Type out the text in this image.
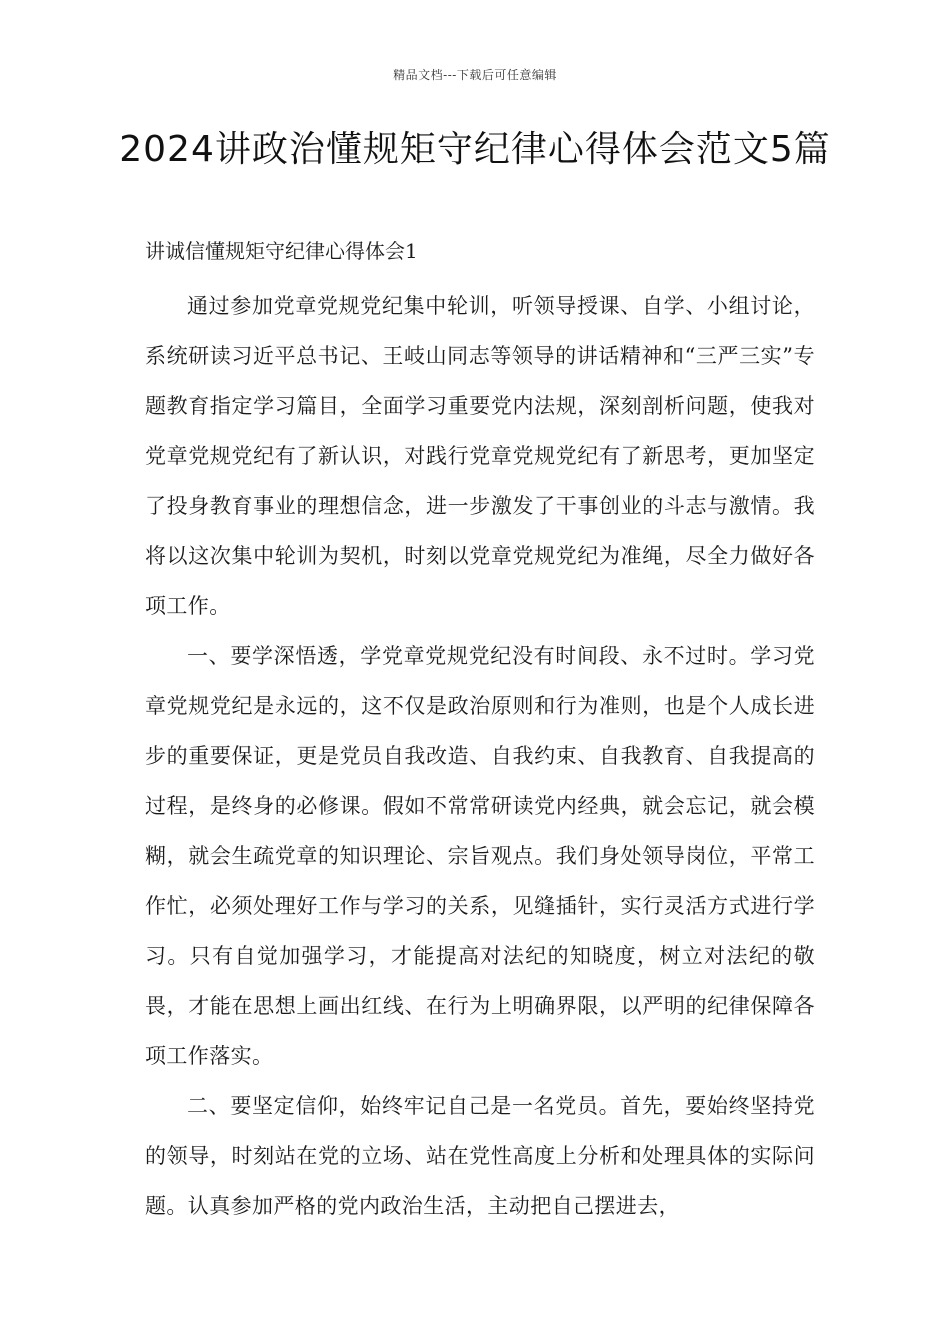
精品文档---下载后可任意编辑
2024讲政治懂规矩守纪律心得体会范文5篇

讲诚信懂规矩守纪律心得体会1

通过参加党章党规党纪集中轮训，听领导授课、自学、小组讨论，系统研读习近平总书记、王岐山同志等领导的讲话精神和“三严三实”专题教育指定学习篇目，全面学习重要党内法规，深刻剖析问题，使我对党章党规党纪有了新认识，对践行党章党规党纪有了新思考，更加坚定了投身教育事业的理想信念，进一步激发了干事创业的斗志与激情。我将以这次集中轮训为契机，时刻以党章党规党纪为准绳，尽全力做好各项工作。

一、要学深悟透，学党章党规党纪没有时间段、永不过时。学习党章党规党纪是永远的，这不仅是政治原则和行为准则，也是个人成长进步的重要保证，更是党员自我改造、自我约束、自我教育、自我提高的过程，是终身的必修课。假如不常常研读党内经典，就会忘记，就会模糊，就会生疏党章的知识理论、宗旨观点。我们身处领导岗位，平常工作忙，必须处理好工作与学习的关系，见缝插针，实行灵活方式进行学习。只有自觉加强学习，才能提高对法纪的知晓度，树立对法纪的敬畏，才能在思想上画出红线、在行为上明确界限，以严明的纪律保障各项工作落实。

二、要坚定信仰，始终牢记自己是一名党员。首先，要始终坚持党的领导，时刻站在党的立场、站在党性高度上分析和处理具体的实际问题。认真参加严格的党内政治生活，主动把自己摆进去，
